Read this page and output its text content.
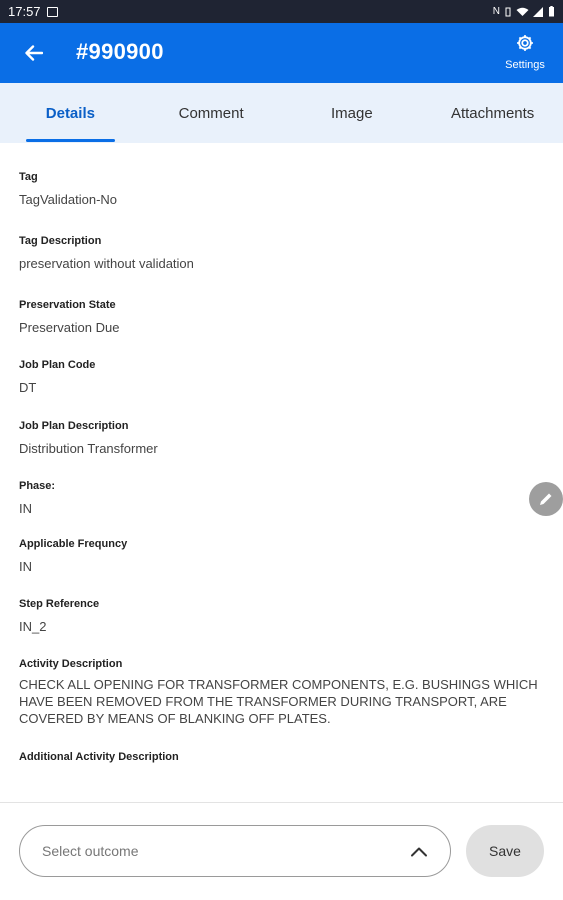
17:57	N
#990900
Settings
Details	Comment	Image	Attachments
Tag
TagValidation-No
Tag Description
preservation without validation
Preservation State
Preservation Due
Job Plan Code
DT
Job Plan Description
Distribution Transformer
Phase:
IN
Applicable Frequncy
IN
Step Reference
IN_2
Activity Description
CHECK ALL OPENING FOR TRANSFORMER COMPONENTS, E.G. BUSHINGS WHICH HAVE BEEN REMOVED FROM THE TRANSFORMER DURING TRANSPORT, ARE COVERED BY MEANS OF BLANKING OFF PLATES.
Additional Activity Description
Select outcome	Save
